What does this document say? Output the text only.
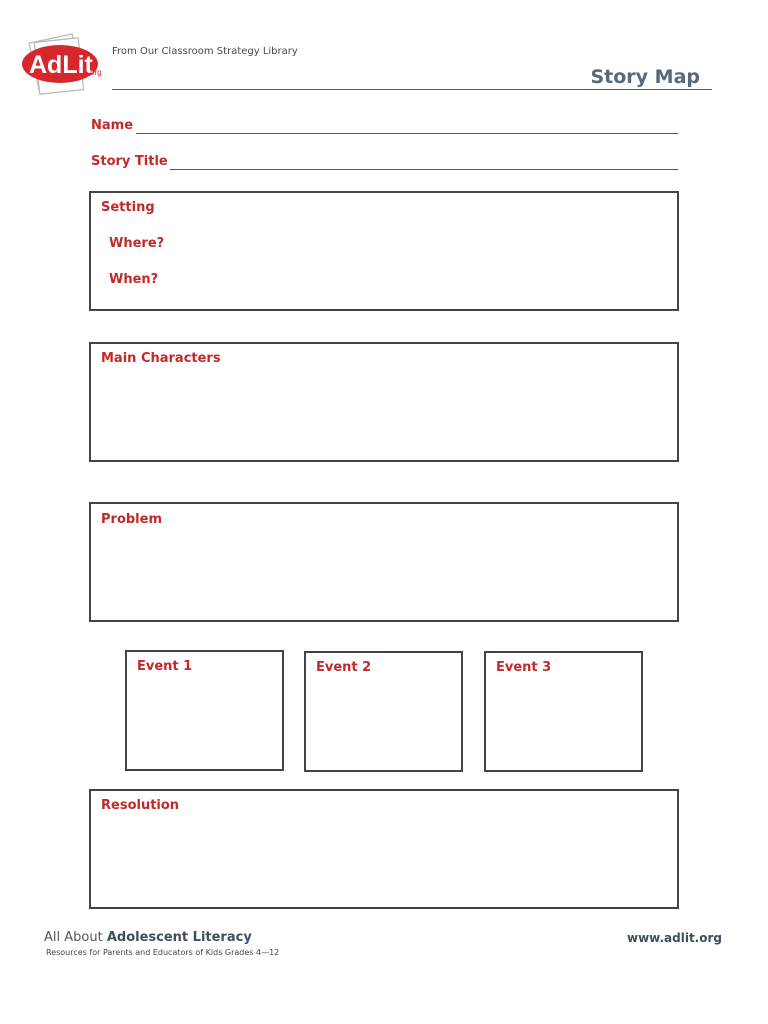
AdLit
org
From Our Classroom Strategy Library
Story Map
Name
Story Title
Setting
Where?
When?
Main Characters
Problem
Event 1	Event 2	Event 3
Resolution
All About Adolescent Literacy
Resources for Parents and Educators of Kids Grades 4—12
www.adlit.org
